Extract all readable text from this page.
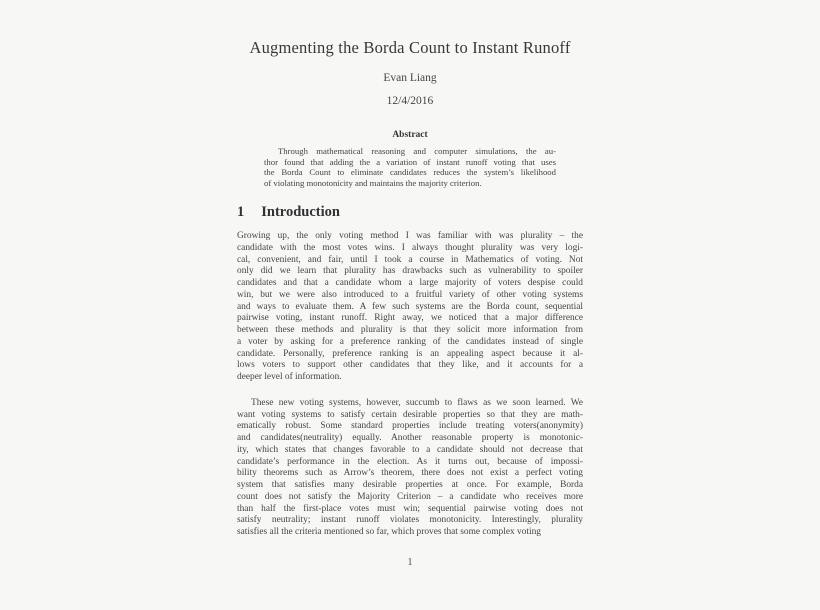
Augmenting the Borda Count to Instant Runoff
Evan Liang
12/4/2016
Abstract
Through mathematical reasoning and computer simulations, the au-
thor found that adding the a variation of instant runoff voting that uses
the Borda Count to eliminate candidates reduces the system’s likelihood
of violating monotonicity and maintains the majority criterion.
1 Introduction
Growing up, the only voting method I was familiar with was plurality – the
candidate with the most votes wins. I always thought plurality was very logi-
cal, convenient, and fair, until I took a course in Mathematics of voting. Not
only did we learn that plurality has drawbacks such as vulnerability to spoiler
candidates and that a candidate whom a large majority of voters despise could
win, but we were also introduced to a fruitful variety of other voting systems
and ways to evaluate them. A few such systems are the Borda count, sequential
pairwise voting, instant runoff. Right away, we noticed that a major difference
between these methods and plurality is that they solicit more information from
a voter by asking for a preference ranking of the candidates instead of single
candidate. Personally, preference ranking is an appealing aspect because it al-
lows voters to support other candidates that they like, and it accounts for a
deeper level of information.
These new voting systems, however, succumb to flaws as we soon learned. We
want voting systems to satisfy certain desirable properties so that they are math-
ematically robust. Some standard properties include treating voters(anonymity)
and candidates(neutrality) equally. Another reasonable property is monotonic-
ity, which states that changes favorable to a candidate should not decrease that
candidate’s performance in the election. As it turns out, because of impossi-
bility theorems such as Arrow’s theorem, there does not exist a perfect voting
system that satisfies many desirable properties at once. For example, Borda
count does not satisfy the Majority Criterion – a candidate who receives more
than half the first-place votes must win; sequential pairwise voting does not
satisfy neutrality; instant runoff violates monotonicity. Interestingly, plurality
satisfies all the criteria mentioned so far, which proves that some complex voting
1
